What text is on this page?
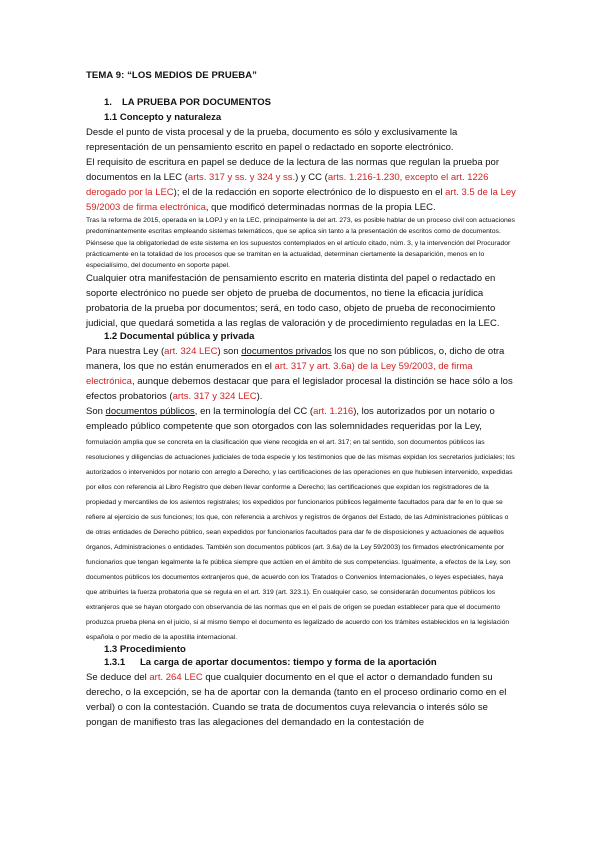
TEMA 9: “LOS MEDIOS DE PRUEBA”
1. LA PRUEBA POR DOCUMENTOS
1.1 Concepto y naturaleza

Desde el punto de vista procesal y de la prueba, documento es sólo y exclusivamente la representación de un pensamiento escrito en papel o redactado en soporte electrónico.

El requisito de escritura en papel se deduce de la lectura de las normas que regulan la prueba por documentos en la LEC (arts. 317 y ss. y 324 y ss.) y CC (arts. 1.216-1.230, excepto el art. 1226 derogado por la LEC); el de la redacción en soporte electrónico de lo dispuesto en el art. 3.5 de la Ley 59/2003 de firma electrónica, que modificó determinadas normas de la propia LEC.

Tras la reforma de 2015, operada en la LOPJ y en la LEC, principalmente la del art. 273, es posible hablar de un proceso civil con actuaciones predominantemente escritas empleando sistemas telemáticos, que se aplica sin tanto a la presentación de escritos como de documentos. Piénsese que la obligatoriedad de este sistema en los supuestos contemplados en el artículo citado, núm. 3, y la intervención del Procurador prácticamente en la totalidad de los procesos que se tramitan en la actualidad, determinan ciertamente la desaparición, menos en lo especialísimo, del documento en soporte papel.

Cualquier otra manifestación de pensamiento escrito en materia distinta del papel o redactado en soporte electrónico no puede ser objeto de prueba de documentos, no tiene la eficacia jurídica probatoria de la prueba por documentos; será, en todo caso, objeto de prueba de reconocimiento judicial, que quedará sometida a las reglas de valoración y de procedimiento reguladas en la LEC.

1.2 Documental pública y privada

Para nuestra Ley (art. 324 LEC) son documentos privados los que no son públicos, o, dicho de otra manera, los que no están enumerados en el art. 317 y art. 3.6a) de la Ley 59/2003, de firma electrónica, aunque debemos destacar que para el legislador procesal la distinción se hace sólo a los efectos probatorios (arts. 317 y 324 LEC).

Son documentos públicos, en la terminología del CC (art. 1.216), los autorizados por un notario o empleado público competente que son otorgados con las solemnidades requeridas por la Ley, formulación amplia que se concreta en la clasificación que viene recogida en el art. 317; en tal sentido, son documentos públicos las resoluciones y diligencias de actuaciones judiciales de toda especie y los testimonios que de las mismas expidan los secretarios judiciales; los autorizados o intervenidos por notario con arreglo a Derecho, y las certificaciones de las operaciones en que hubiesen intervenido, expedidas por ellos con referencia al Libro Registro que deben llevar conforme a Derecho; las certificaciones que expidan los registradores de la propiedad y mercantiles de los asientos registrales; los expedidos por funcionarios públicos legalmente facultados para dar fe en lo que se refiere al ejercicio de sus funciones; los que, con referencia a archivos y registros de órganos del Estado, de las Administraciones públicas o de otras entidades de Derecho público, sean expedidos por funcionarios facultados para dar fe de disposiciones y actuaciones de aquellos órganos, Administraciones o entidades. También son documentos públicos (art. 3.6a) de la Ley 59/2003) los firmados electrónicamente por funcionarios que tengan legalmente la fe pública siempre que actúen en el ámbito de sus competencias. Igualmente, a efectos de la Ley, son documentos públicos los documentos extranjeros que, de acuerdo con los Tratados o Convenios Internacionales, o leyes especiales, haya que atribuirles la fuerza probatoria que se regula en el art. 319 (art. 323.1). En cualquier caso, se considerarán documentos públicos los extranjeros que se hayan otorgado con observancia de las normas que en el país de origen se puedan establecer para que el documento produzca prueba plena en el juicio, si al mismo tiempo el documento es legalizado de acuerdo con los trámites establecidos en la legislación española o por medio de la apostilla internacional.

1.3 Procedimiento
1.3.1 La carga de aportar documentos: tiempo y forma de la aportación

Se deduce del art. 264 LEC que cualquier documento en el que el actor o demandado funden su derecho, o la excepción, se ha de aportar con la demanda (tanto en el proceso ordinario como en el verbal) o con la contestación. Cuando se trata de documentos cuya relevancia o interés sólo se pongan de manifiesto tras las alegaciones del demandado en la contestación de
